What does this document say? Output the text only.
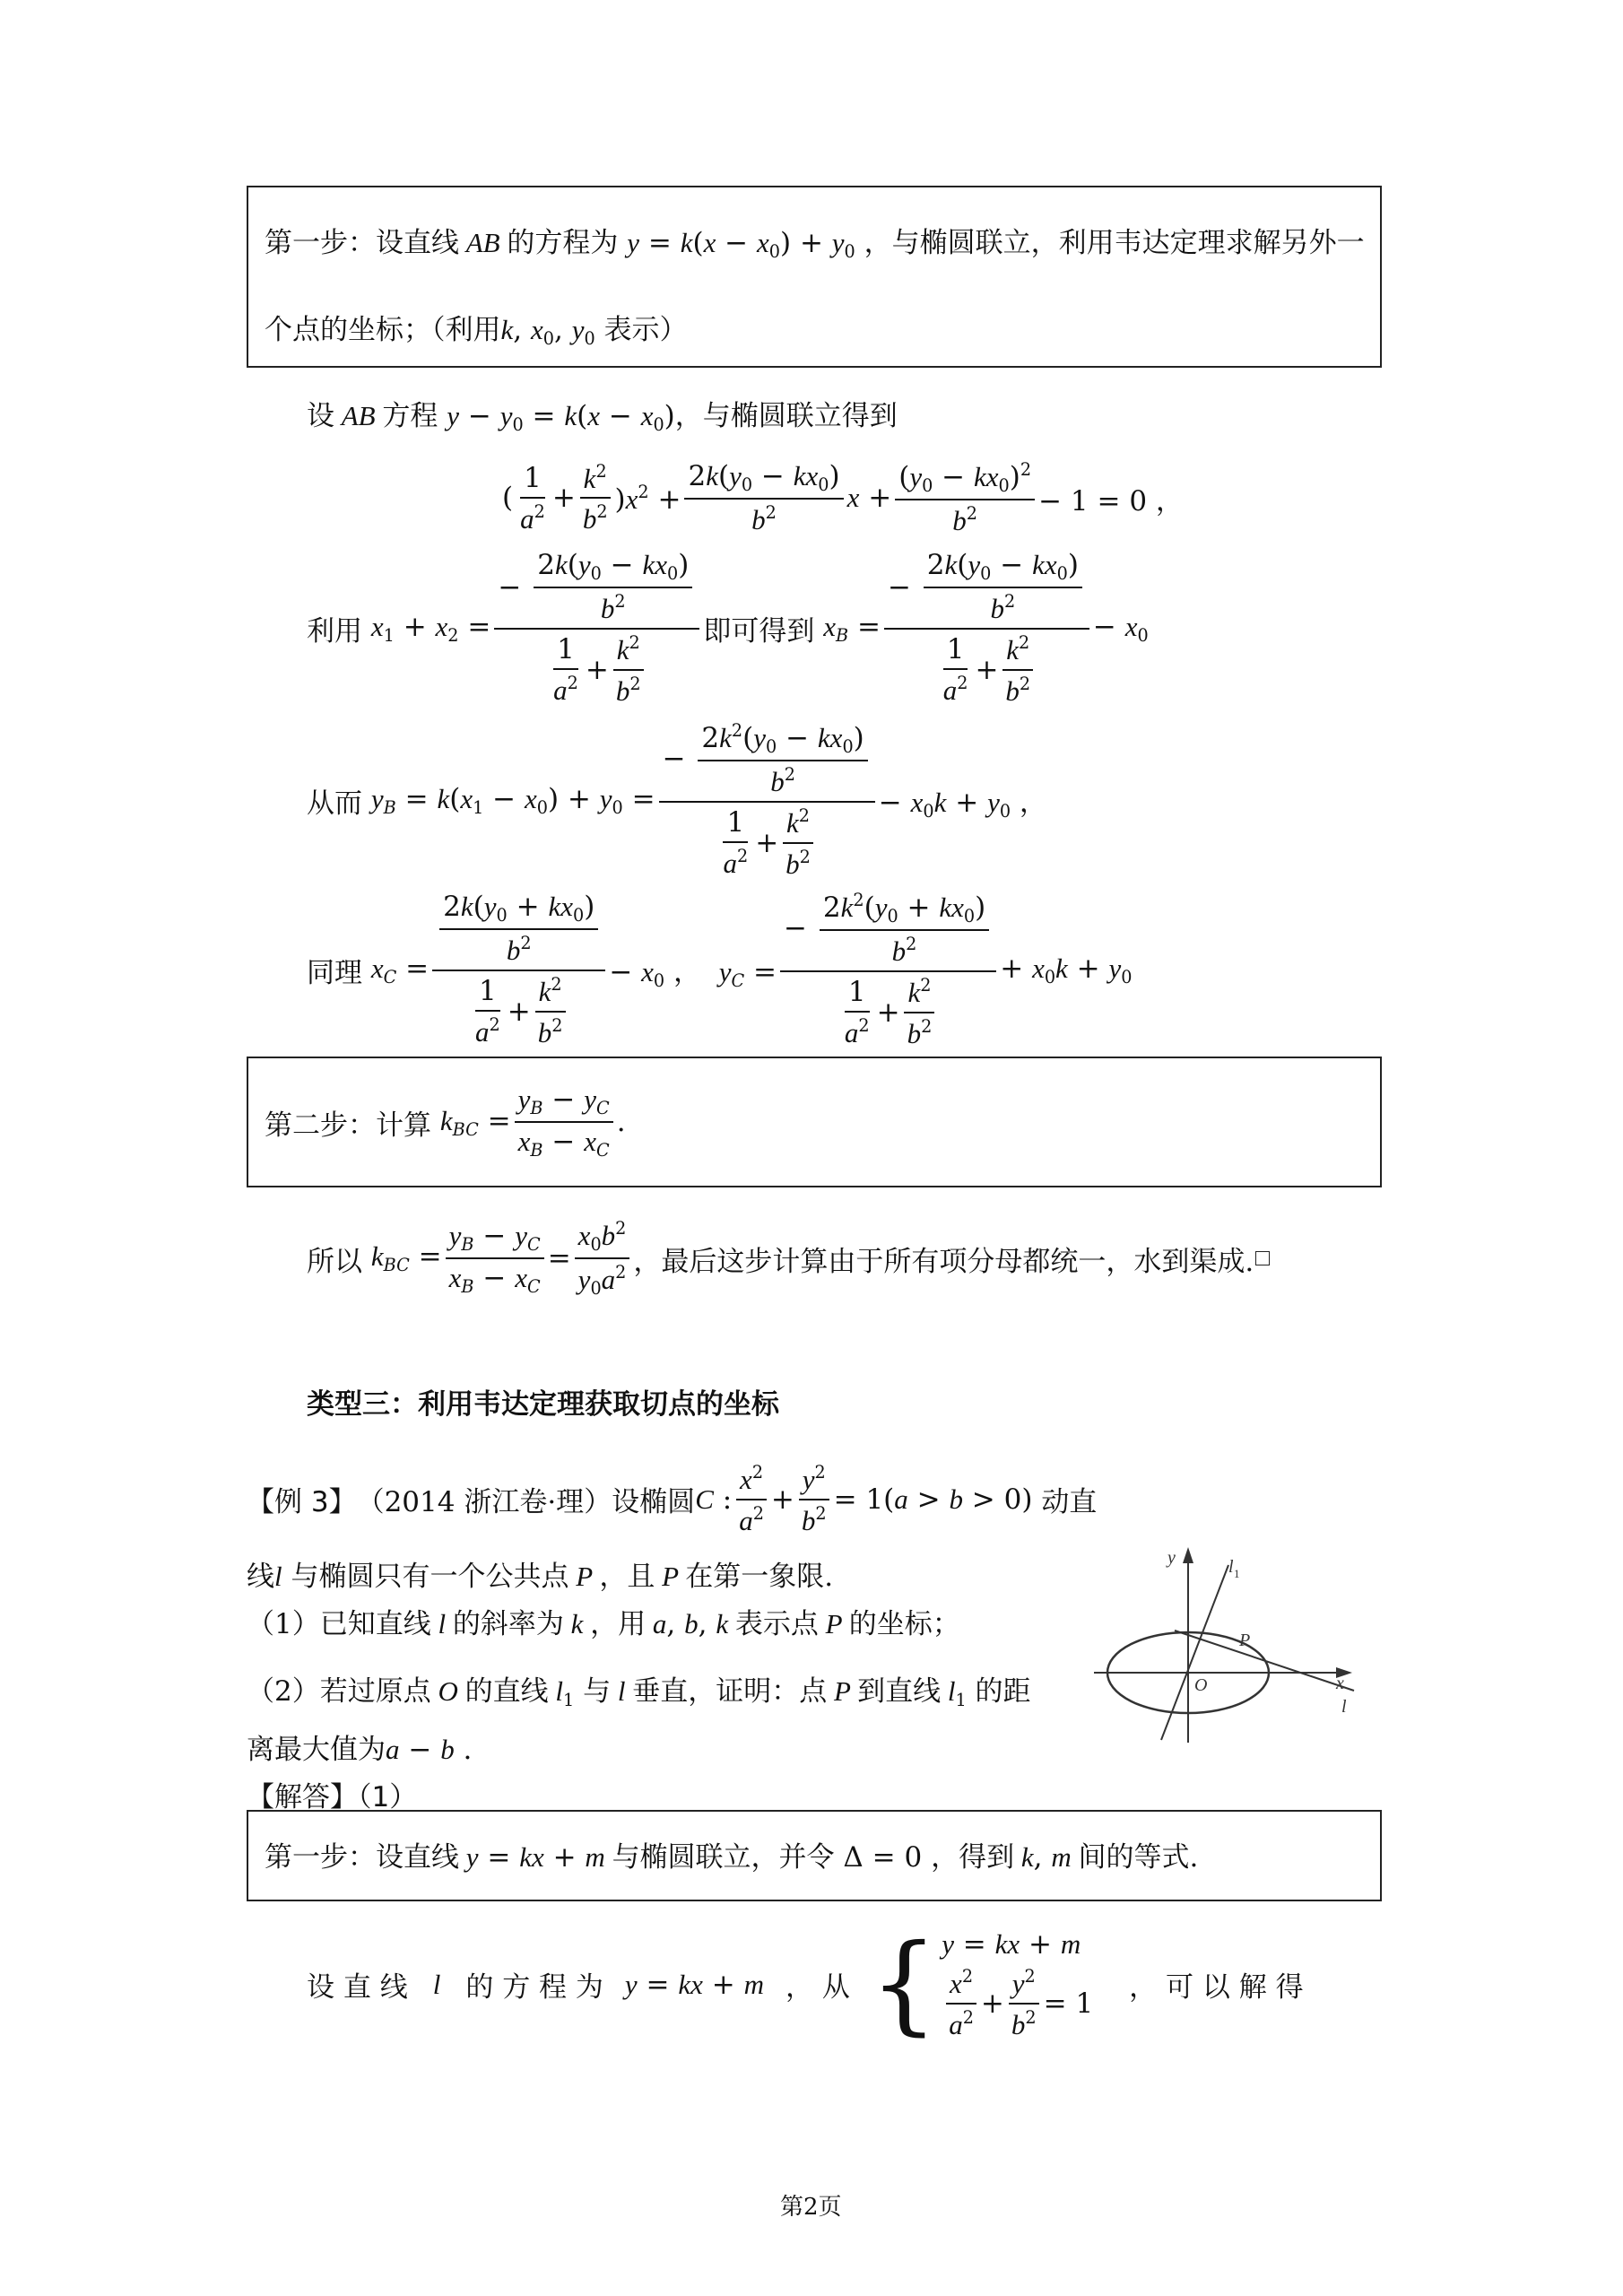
第一步：设直线 AB 的方程为 y = k(x − x0) + y0 ，与椭圆联立，利用韦达定理求解另外一
个点的坐标；（利用k, x0, y0 表示）
设 AB 方程 y − y0 = k(x − x0)，与椭圆联立得到
( $\frac{1}{a^2} + \frac{k^2}{b^2} )x^2 + \frac{2k(y0 - kx0)}{b^2}$ $x + \frac{(y0 - kx0)^2}{b^2} - 1 = 0$ ，
利用 $x1 + x2 = \frac{- \frac{2k(y0 - kx0)}{b^2}}{\frac{1}{a^2} + \frac{k^2}{b^2}}$ 即可得到 $x_B = \frac{- \frac{2k(y0 - kx0)}{b^2}}{\frac{1}{a^2} + \frac{k^2}{b^2}} - x0$
从而 $y_B = k(x1 - x0) + y0 = \frac{- \frac{2k^2(y0 - kx0)}{b^2}}{\frac{1}{a^2} + \frac{k^2}{b^2}} - x0k + y0$ ，
同理 $x_C = \frac{\frac{2k(y0 + kx0)}{b^2}}{\frac{1}{a^2} + \frac{k^2}{b^2}} - x0$ ，  $y_C = \frac{- \frac{2k^2(y0 + kx0)}{b^2}}{\frac{1}{a^2} + \frac{k^2}{b^2}} + x0k + y0$
第二步：计算 $k_{BC} = \frac{y_B - y_C}{x_B - x_C}$ .
所以 $k_{BC} = \frac{y_B - y_C}{x_B - x_C} = \frac{x0b^2}{y0a^2}$ ，最后这步计算由于所有项分母都统一，水到渠成.
类型三：利用韦达定理获取切点的坐标
【例 3】 （2014 浙江卷·理）设椭圆 C : $\frac{x^2}{a^2} + \frac{y^2}{b^2} = 1(a > b > 0)$ 动直
线l 与椭圆只有一个公共点 P ，且 P 在第一象限.
（1）已知直线 l 的斜率为 k ，用 a, b, k 表示点 P 的坐标；
（2）若过原点 O 的直线 l1 与 l 垂直，证明：点 P 到直线 l1 的距
离最大值为a − b .
y	l 1
P
O	x
l
【解答】（1）
第一步：设直线 y = kx + m 与椭圆联立，并令 Δ = 0 ，得到 k, m 间的等式.
设 直 线 l 的 方 程 为 y = kx + m ， 从 { y = kx + m
$\frac{x^2}{a^2} + \frac{y^2}{b^2} = 1$ ， 可 以 解 得
第2页
